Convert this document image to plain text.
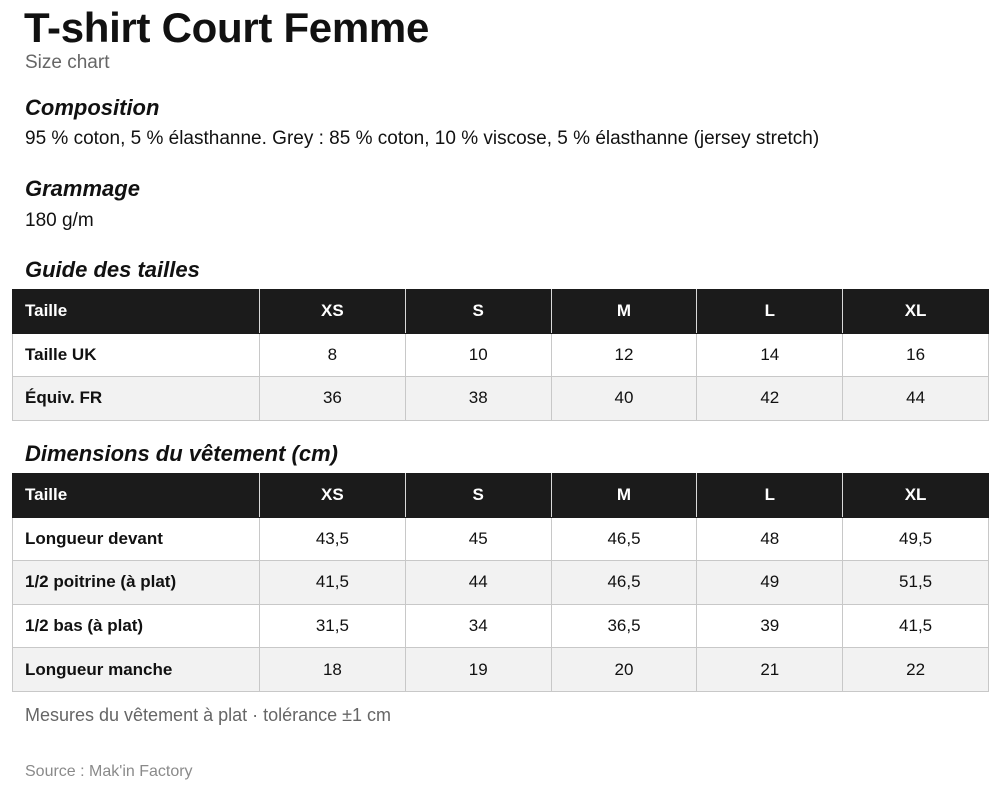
T-shirt Court Femme
Size chart
Composition

95 % coton, 5 % élasthanne. Grey : 85 % coton, 10 % viscose, 5 % élasthanne (jersey stretch)

Grammage

180 g/m

Guide des tailles
Taille	XS	S	M	L	XL
Taille UK	8	10	12	14	16
Équiv. FR	36	38	40	42	44
Dimensions du vêtement (cm)
Taille	XS	S	M	L	XL
Longueur devant	43,5	45	46,5	48	49,5
1/2 poitrine (à plat)	41,5	44	46,5	49	51,5
1/2 bas (à plat)	31,5	34	36,5	39	41,5
Longueur manche	18	19	20	21	22

Mesures du vêtement à plat · tolérance ±1 cm

Source : Mak'in Factory
